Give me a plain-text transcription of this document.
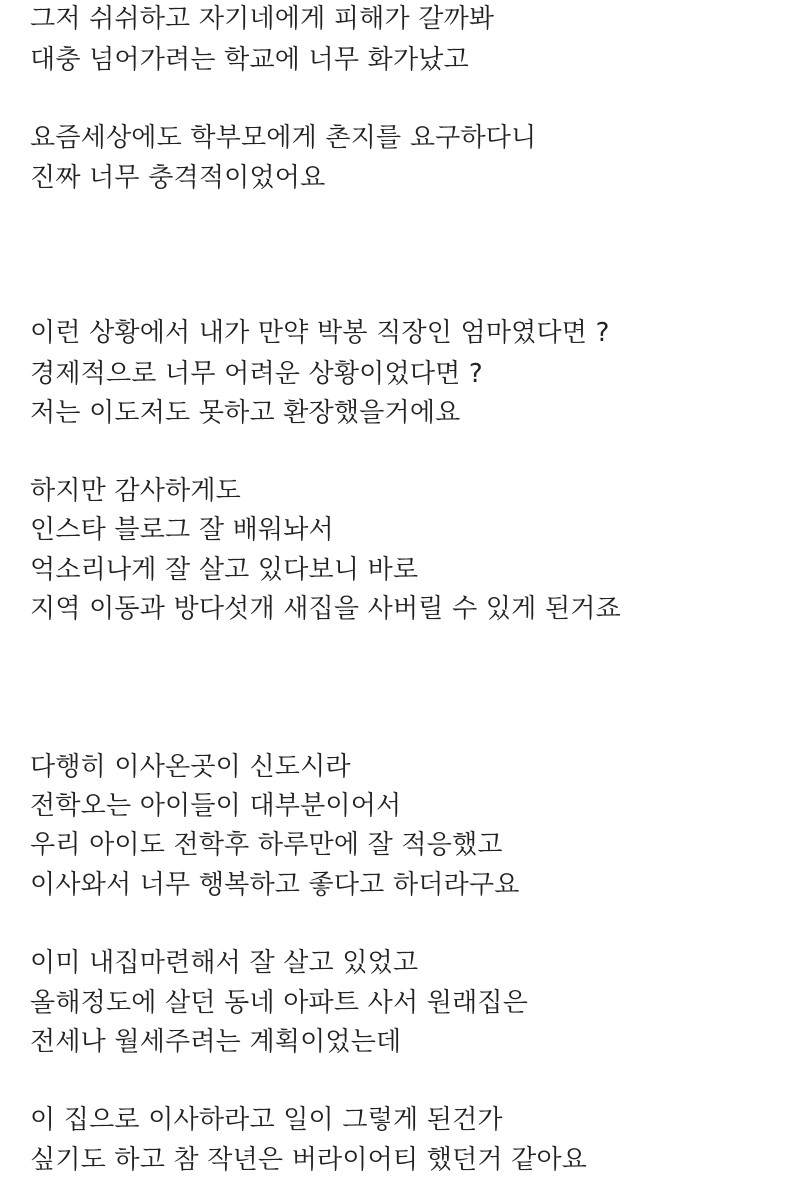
그저 쉬쉬하고 자기네에게 피해가 갈까봐
대충 넘어가려는 학교에 너무 화가났고
요즘세상에도 학부모에게 촌지를 요구하다니
진짜 너무 충격적이었어요
이런 상황에서 내가 만약 박봉 직장인 엄마였다면 ?
경제적으로 너무 어려운 상황이었다면 ?
저는 이도저도 못하고 환장했을거에요
하지만 감사하게도
인스타 블로그 잘 배워놔서
억소리나게 잘 살고 있다보니 바로
지역 이동과 방다섯개 새집을 사버릴 수 있게 된거죠
다행히 이사온곳이 신도시라
전학오는 아이들이 대부분이어서
우리 아이도 전학후 하루만에 잘 적응했고
이사와서 너무 행복하고 좋다고 하더라구요
이미 내집마련해서 잘 살고 있었고
올해정도에 살던 동네 아파트 사서 원래집은
전세나 월세주려는 계획이었는데
이 집으로 이사하라고 일이 그렇게 된건가
싶기도 하고 참 작년은 버라이어티 했던거 같아요
